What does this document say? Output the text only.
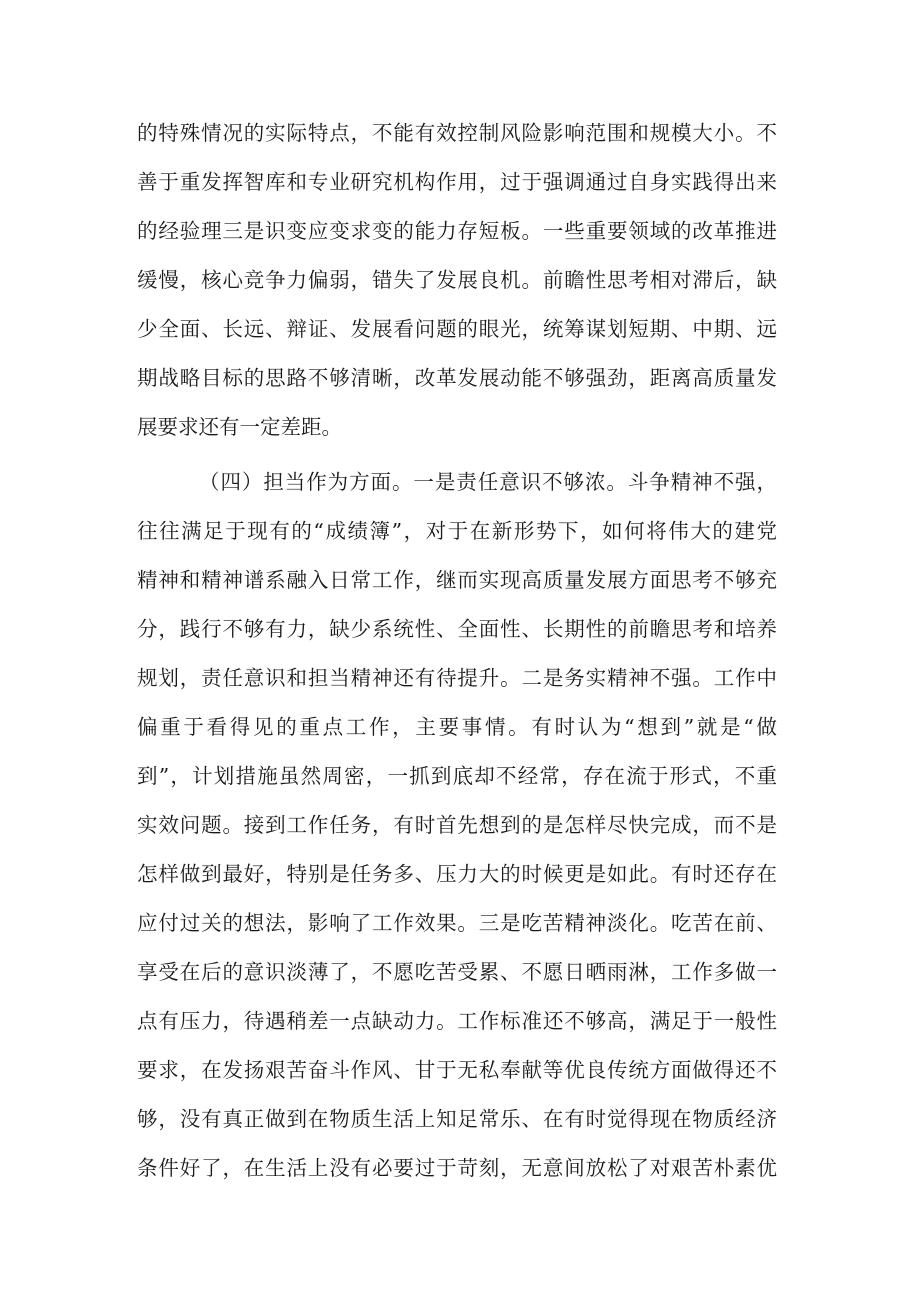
的特殊情况的实际特点，不能有效控制风险影响范围和规模大小。不
善于重发挥智库和专业研究机构作用，过于强调通过自身实践得出来
的经验理三是识变应变求变的能力存短板。一些重要领域的改革推进
缓慢，核心竞争力偏弱，错失了发展良机。前瞻性思考相对滞后，缺
少全面、长远、辩证、发展看问题的眼光，统筹谋划短期、中期、远
期战略目标的思路不够清晰，改革发展动能不够强劲，距离高质量发
展要求还有一定差距。
（四）担当作为方面。一是责任意识不够浓。斗争精神不强，
往往满足于现有的“成绩簿”，对于在新形势下，如何将伟大的建党
精神和精神谱系融入日常工作，继而实现高质量发展方面思考不够充
分，践行不够有力，缺少系统性、全面性、长期性的前瞻思考和培养
规划，责任意识和担当精神还有待提升。二是务实精神不强。工作中
偏重于看得见的重点工作，主要事情。有时认为“想到”就是“做
到”，计划措施虽然周密，一抓到底却不经常，存在流于形式，不重
实效问题。接到工作任务，有时首先想到的是怎样尽快完成，而不是
怎样做到最好，特别是任务多、压力大的时候更是如此。有时还存在
应付过关的想法，影响了工作效果。三是吃苦精神淡化。吃苦在前、
享受在后的意识淡薄了，不愿吃苦受累、不愿日晒雨淋，工作多做一
点有压力，待遇稍差一点缺动力。工作标准还不够高，满足于一般性
要求，在发扬艰苦奋斗作风、甘于无私奉献等优良传统方面做得还不
够，没有真正做到在物质生活上知足常乐、在有时觉得现在物质经济
条件好了，在生活上没有必要过于苛刻，无意间放松了对艰苦朴素优
